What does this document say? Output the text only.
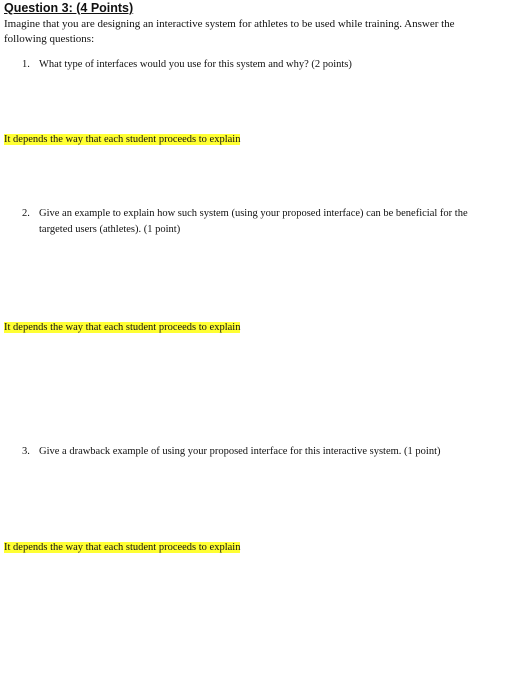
Question 3: (4 Points)
Imagine that you are designing an interactive system for athletes to be used while training. Answer the following questions:
1. What type of interfaces would you use for this system and why? (2 points)
It depends the way that each student proceeds to explain
2. Give an example to explain how such system (using your proposed interface) can be beneficial for the targeted users (athletes). (1 point)
It depends the way that each student proceeds to explain
3. Give a drawback example of using your proposed interface for this interactive system. (1 point)
It depends the way that each student proceeds to explain
